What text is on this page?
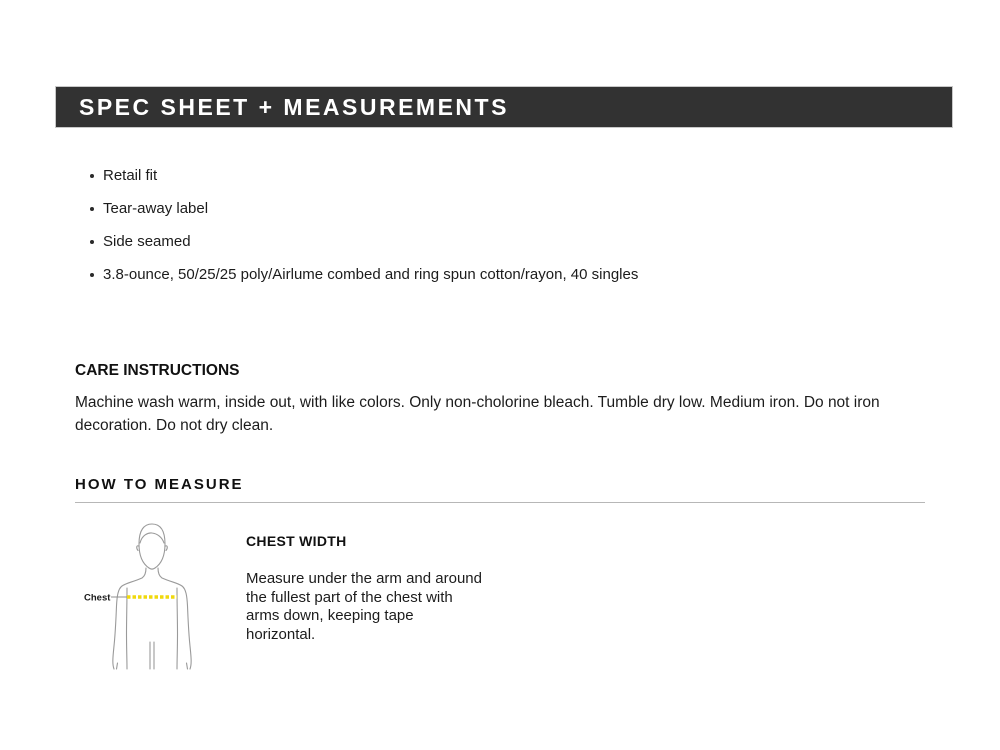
SPEC SHEET + MEASUREMENTS
Retail fit
Tear-away label
Side seamed
3.8-ounce, 50/25/25 poly/Airlume combed and ring spun cotton/rayon, 40 singles
CARE INSTRUCTIONS

Machine wash warm, inside out, with like colors. Only non-cholorine bleach. Tumble dry low. Medium iron. Do not iron decoration. Do not dry clean.

HOW TO MEASURE
Chest
CHEST WIDTH

Measure under the arm and around the fullest part of the chest with arms down, keeping tape horizontal.
